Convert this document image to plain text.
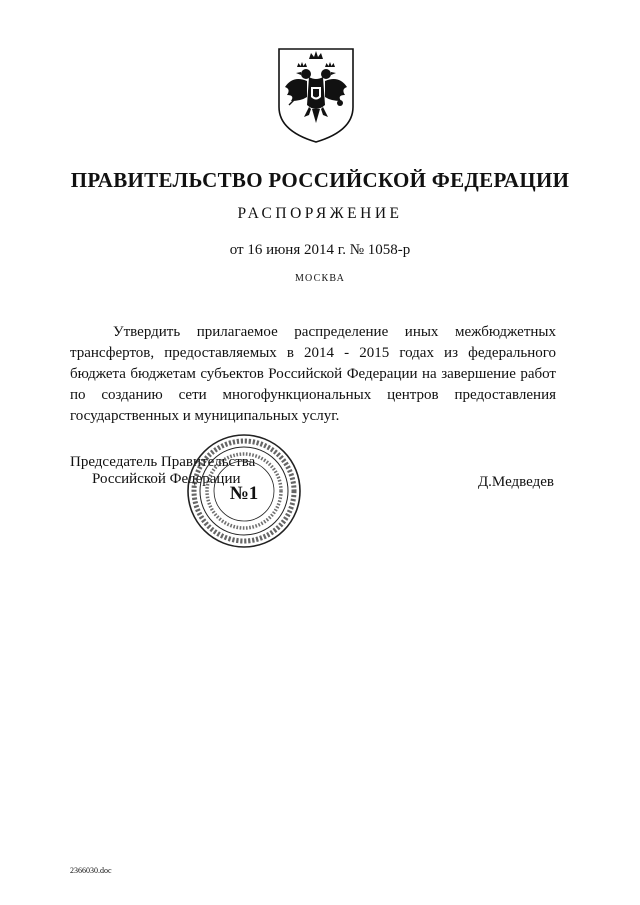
ПРАВИТЕЛЬСТВО РОССИЙСКОЙ ФЕДЕРАЦИИ
РАСПОРЯЖЕНИЕ
от 16 июня 2014 г. № 1058-р
МОСКВА
Утвердить прилагаемое распределение иных межбюджетных
трансфертов, предоставляемых в 2014 - 2015 годах из федерального
бюджета бюджетам субъектов Российской Федерации на завершение работ
по созданию сети многофункциональных центров предоставления
государственных и муниципальных услуг.
Председатель Правительства
Российской Федерации	Д.Медведев
№1
2366030.doc
